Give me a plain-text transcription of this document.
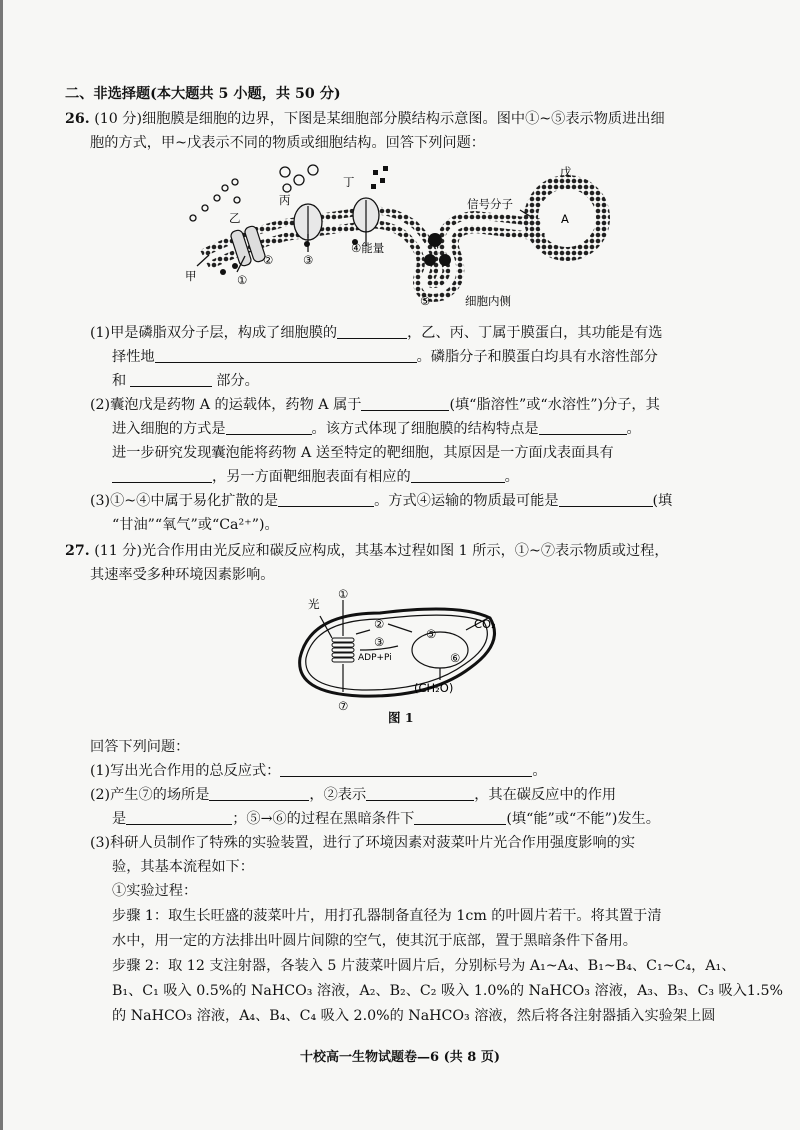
二、非选择题(本大题共 5 小题，共 50 分)
26. (10 分)细胞膜是细胞的边界，下图是某细胞部分膜结构示意图。图中①~⑤表示物质进出细
胞的方式，甲~戊表示不同的物质或细胞结构。回答下列问题：
甲
乙
丙
丁
戊
信号分子
A
④能量
①
②	③
⑤	细胞内侧
(1)甲是磷脂双分子层，构成了细胞膜的	，乙、丙、丁属于膜蛋白，其功能是有选
择性地	。磷脂分子和膜蛋白均具有水溶性部分
和	部分。
(2)囊泡戊是药物 A 的运载体，药物 A 属于	(填“脂溶性”或“水溶性”)分子，其
进入细胞的方式是	。该方式体现了细胞膜的结构特点是	。
进一步研究发现囊泡能将药物 A 送至特定的靶细胞，其原因是一方面戊表面具有
，另一方面靶细胞表面有相应的	。
(3)①~④中属于易化扩散的是	。方式④运输的物质最可能是	(填
“甘油”“氧气”或“Ca²⁺”)。
27. (11 分)光合作用由光反应和碳反应构成，其基本过程如图 1 所示，①~⑦表示物质或过程，
其速率受多种环境因素影响。
光
①
②
③
⑤
⑥
⑦
CO₂
ADP+Pi
(CH₂O)
图 1
回答下列问题：
(1)写出光合作用的总反应式：	。
(2)产生⑦的场所是	，②表示	，其在碳反应中的作用
是	；⑤→⑥的过程在黑暗条件下	(填“能”或“不能”)发生。
(3)科研人员制作了特殊的实验装置，进行了环境因素对菠菜叶片光合作用强度影响的实
验，其基本流程如下：
①实验过程：
步骤 1：取生长旺盛的菠菜叶片，用打孔器制备直径为 1cm 的叶圆片若干。将其置于清
水中，用一定的方法排出叶圆片间隙的空气，使其沉于底部，置于黑暗条件下备用。
步骤 2：取 12 支注射器，各装入 5 片菠菜叶圆片后，分别标号为 A₁~A₄、B₁~B₄、C₁~C₄，A₁、
B₁、C₁ 吸入 0.5%的 NaHCO₃ 溶液，A₂、B₂、C₂ 吸入 1.0%的 NaHCO₃ 溶液，A₃、B₃、C₃ 吸入1.5%
的 NaHCO₃ 溶液，A₄、B₄、C₄ 吸入 2.0%的 NaHCO₃ 溶液，然后将各注射器插入实验架上圆
十校高一生物试题卷—6 (共 8 页)
